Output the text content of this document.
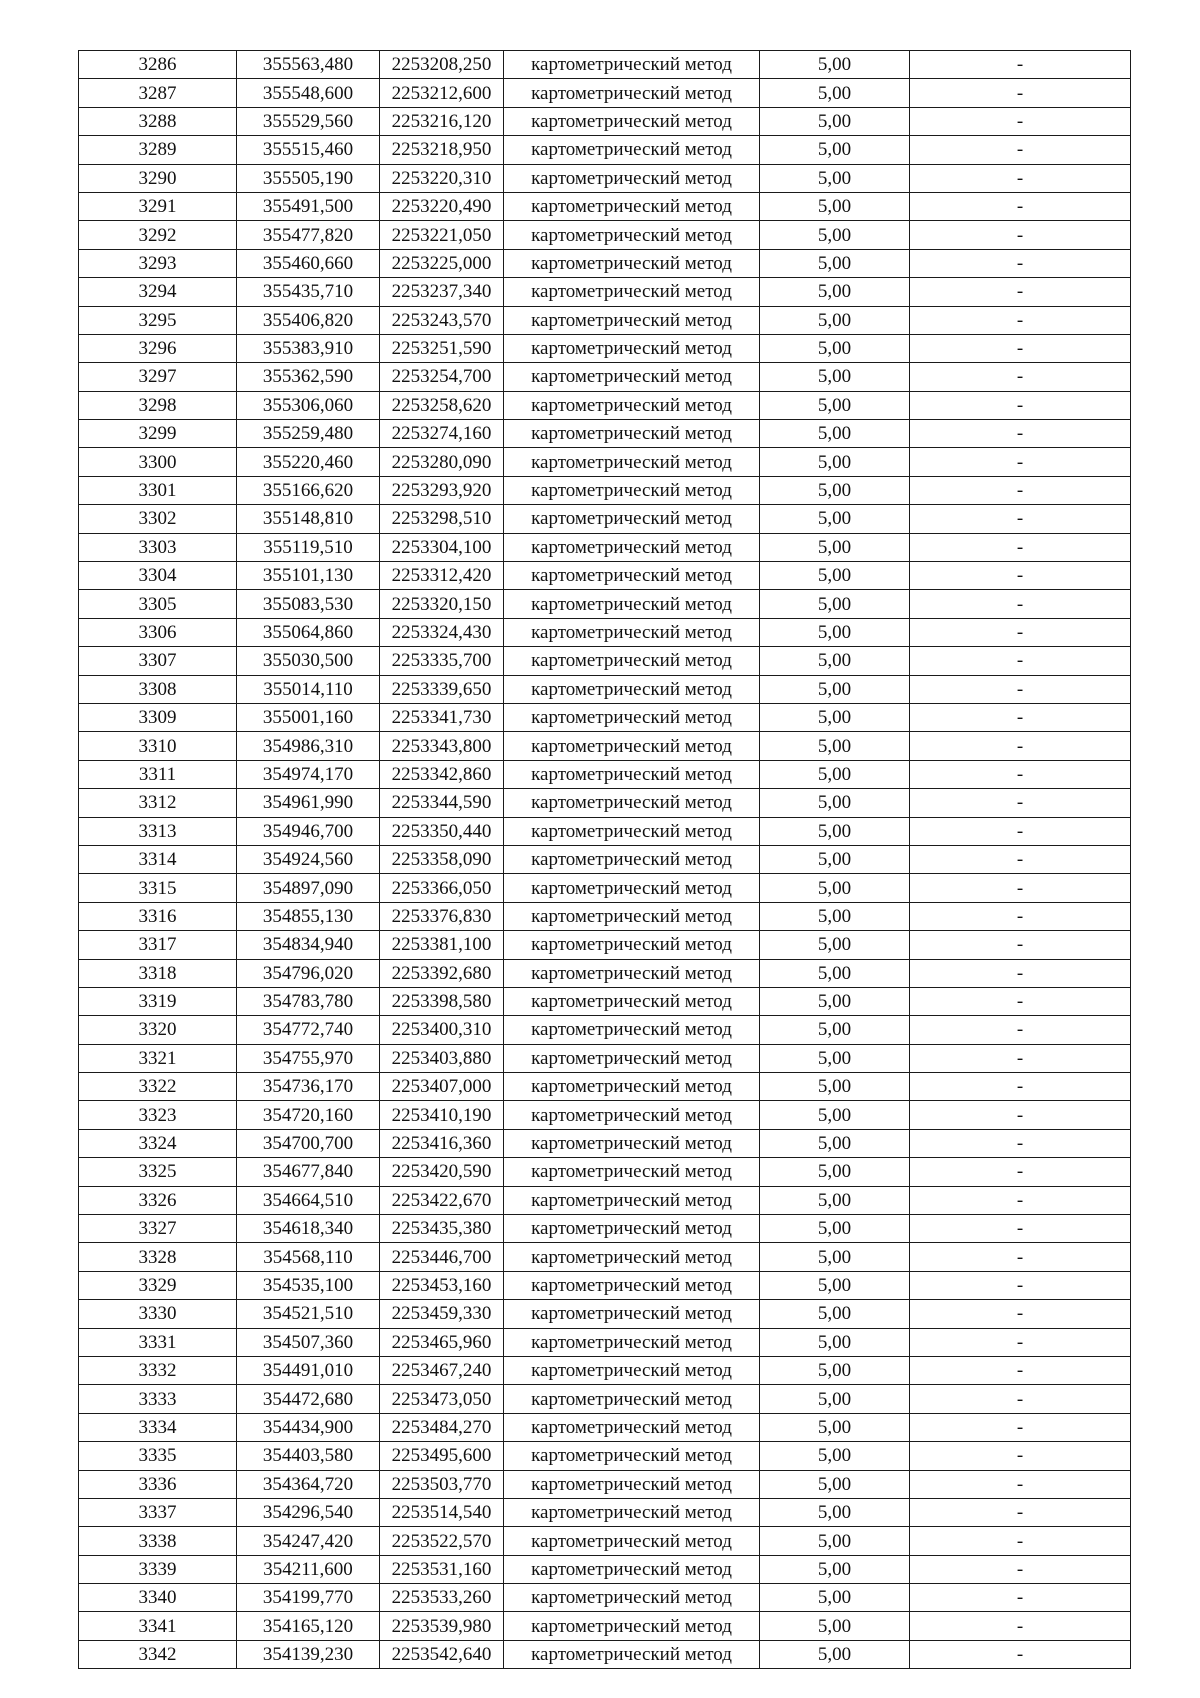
3286	355563,480	2253208,250	картометрический метод	5,00	-
3287	355548,600	2253212,600	картометрический метод	5,00	-
3288	355529,560	2253216,120	картометрический метод	5,00	-
3289	355515,460	2253218,950	картометрический метод	5,00	-
3290	355505,190	2253220,310	картометрический метод	5,00	-
3291	355491,500	2253220,490	картометрический метод	5,00	-
3292	355477,820	2253221,050	картометрический метод	5,00	-
3293	355460,660	2253225,000	картометрический метод	5,00	-
3294	355435,710	2253237,340	картометрический метод	5,00	-
3295	355406,820	2253243,570	картометрический метод	5,00	-
3296	355383,910	2253251,590	картометрический метод	5,00	-
3297	355362,590	2253254,700	картометрический метод	5,00	-
3298	355306,060	2253258,620	картометрический метод	5,00	-
3299	355259,480	2253274,160	картометрический метод	5,00	-
3300	355220,460	2253280,090	картометрический метод	5,00	-
3301	355166,620	2253293,920	картометрический метод	5,00	-
3302	355148,810	2253298,510	картометрический метод	5,00	-
3303	355119,510	2253304,100	картометрический метод	5,00	-
3304	355101,130	2253312,420	картометрический метод	5,00	-
3305	355083,530	2253320,150	картометрический метод	5,00	-
3306	355064,860	2253324,430	картометрический метод	5,00	-
3307	355030,500	2253335,700	картометрический метод	5,00	-
3308	355014,110	2253339,650	картометрический метод	5,00	-
3309	355001,160	2253341,730	картометрический метод	5,00	-
3310	354986,310	2253343,800	картометрический метод	5,00	-
3311	354974,170	2253342,860	картометрический метод	5,00	-
3312	354961,990	2253344,590	картометрический метод	5,00	-
3313	354946,700	2253350,440	картометрический метод	5,00	-
3314	354924,560	2253358,090	картометрический метод	5,00	-
3315	354897,090	2253366,050	картометрический метод	5,00	-
3316	354855,130	2253376,830	картометрический метод	5,00	-
3317	354834,940	2253381,100	картометрический метод	5,00	-
3318	354796,020	2253392,680	картометрический метод	5,00	-
3319	354783,780	2253398,580	картометрический метод	5,00	-
3320	354772,740	2253400,310	картометрический метод	5,00	-
3321	354755,970	2253403,880	картометрический метод	5,00	-
3322	354736,170	2253407,000	картометрический метод	5,00	-
3323	354720,160	2253410,190	картометрический метод	5,00	-
3324	354700,700	2253416,360	картометрический метод	5,00	-
3325	354677,840	2253420,590	картометрический метод	5,00	-
3326	354664,510	2253422,670	картометрический метод	5,00	-
3327	354618,340	2253435,380	картометрический метод	5,00	-
3328	354568,110	2253446,700	картометрический метод	5,00	-
3329	354535,100	2253453,160	картометрический метод	5,00	-
3330	354521,510	2253459,330	картометрический метод	5,00	-
3331	354507,360	2253465,960	картометрический метод	5,00	-
3332	354491,010	2253467,240	картометрический метод	5,00	-
3333	354472,680	2253473,050	картометрический метод	5,00	-
3334	354434,900	2253484,270	картометрический метод	5,00	-
3335	354403,580	2253495,600	картометрический метод	5,00	-
3336	354364,720	2253503,770	картометрический метод	5,00	-
3337	354296,540	2253514,540	картометрический метод	5,00	-
3338	354247,420	2253522,570	картометрический метод	5,00	-
3339	354211,600	2253531,160	картометрический метод	5,00	-
3340	354199,770	2253533,260	картометрический метод	5,00	-
3341	354165,120	2253539,980	картометрический метод	5,00	-
3342	354139,230	2253542,640	картометрический метод	5,00	-
